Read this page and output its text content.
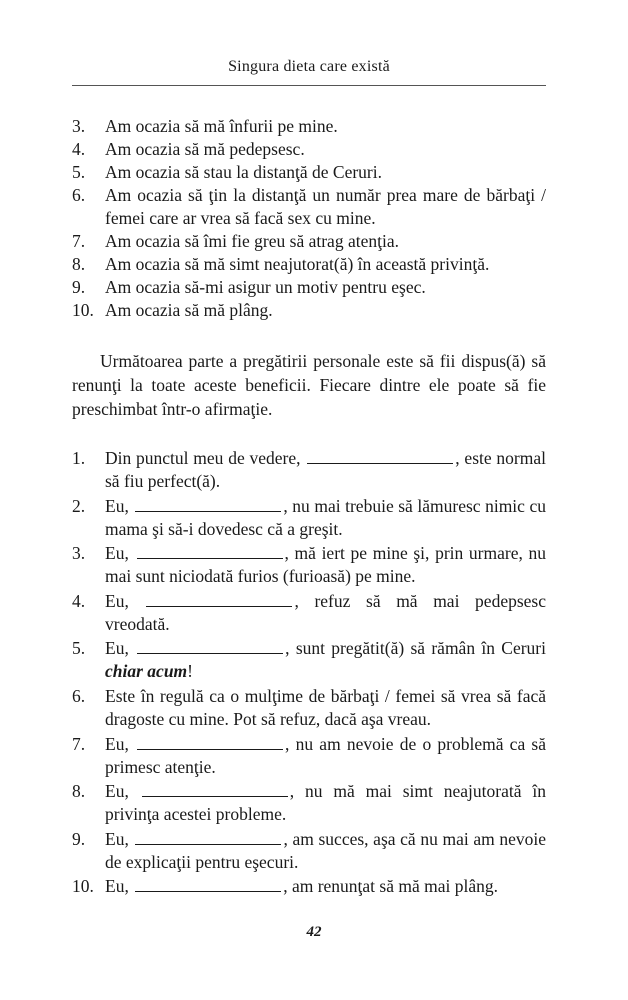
Singura dieta care există
3.	Am ocazia să mă înfurii pe mine.
4.	Am ocazia să mă pedepsesc.
5.	Am ocazia să stau la distanţă de Ceruri.
6.	Am ocazia să ţin la distanţă un număr prea mare de bărbaţi / femei care ar vrea să facă sex cu mine.
7.	Am ocazia să îmi fie greu să atrag atenţia.
8.	Am ocazia să mă simt neajutorat(ă) în această privinţă.
9.	Am ocazia să-mi asigur un motiv pentru eşec.
10. Am ocazia să mă plâng.

Următoarea parte a pregătirii personale este să fii dispus(ă) să renunţi la toate aceste beneficii. Fiecare dintre ele poate să fie preschimbat într-o afirmaţie.

1.	Din punctul meu de vedere,	, este normal să fiu perfect(ă).
2.	Eu,	, nu mai trebuie să lămuresc nimic cu mama şi să-i dovedesc că a greşit.
3.	Eu,	, mă iert pe mine şi, prin urmare, nu mai sunt niciodată furios (furioasă) pe mine.
4.	Eu,	, refuz să mă mai pedepsesc vreodată.
5.	Eu,	, sunt pregătit(ă) să rămân în Ceruri chiar acum!
6.	Este în regulă ca o mulţime de bărbaţi / femei să vrea să facă dragoste cu mine. Pot să refuz, dacă aşa vreau.
7.	Eu,	, nu am nevoie de o problemă ca să primesc atenţie.
8.	Eu,	, nu mă mai simt neajutorată în privinţa acestei probleme.
9.	Eu,	, am succes, aşa că nu mai am nevoie de explicaţii pentru eşecuri.
10. Eu,	, am renunţat să mă mai plâng.
42
